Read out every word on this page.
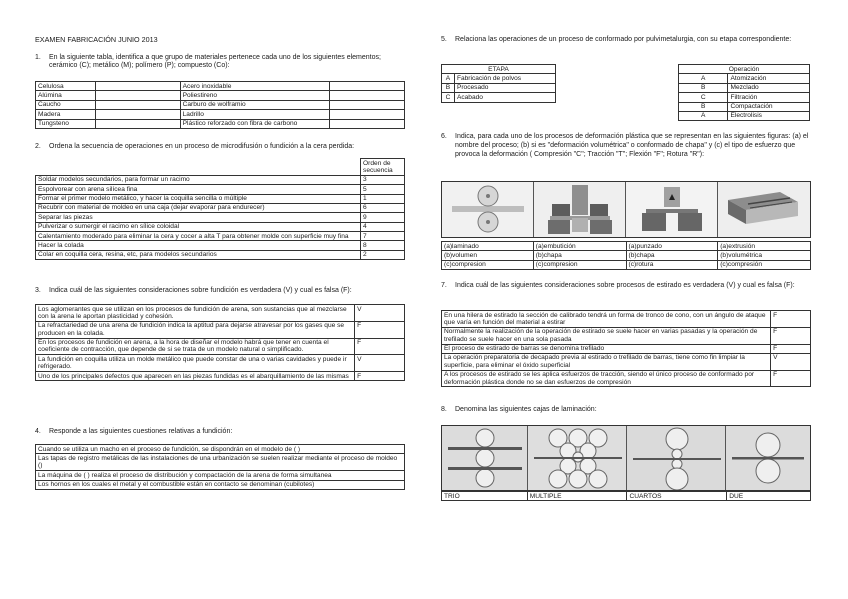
EXAMEN FABRICACIÓN JUNIO 2013
1. En la siguiente tabla, identifica a que grupo de materiales pertenece cada uno de los siguientes elementos; cerámico (C); metálico (M); polímero (P); compuesto (Co):
Celulosa		Acero inoxidable	
Alúmina		Poliestireno	
Caucho		Carburo de wolframio	
Madera		Ladrillo	
Tungsteno		Plástico reforzado con fibra de carbono	
2. Ordena la secuencia de operaciones en un proceso de microdifusión o fundición a la cera perdida:
	Orden de secuencia
Soldar modelos secundarios, para formar un racimo	3
Espolvorear con arena silícea fina	5
Formar el primer modelo metálico, y hacer la coquilla sencilla o múltiple	1
Recubrir con material de moldeo en una caja (dejar evaporar para endurecer)	6
Separar las piezas	9
Pulverizar o sumergir el racimo en sílice coloidal	4
Calentamiento moderado para eliminar la cera y cocer a alta T para obtener molde con superficie muy fina	7
Hacer la colada	8
Colar en coquilla cera, resina, etc, para modelos secundarios	2
3. Indica cuál de las siguientes consideraciones sobre fundición es verdadera (V) y cual es falsa (F):
Los aglomerantes que se utilizan en los procesos de fundición de arena, son sustancias que al mezclarse con la arena le aportan plasticidad y cohesión.	V
La refractariedad de una arena de fundición indica la aptitud para dejarse atravesar por los gases que se producen en la colada.	F
En los procesos de fundición en arena, a la hora de diseñar el modelo habrá que tener en cuenta el coeficiente de contracción, que depende de si se trata de un modelo natural o simplificado.	F
La fundición en coquilla utiliza un molde metálico que puede constar de una o varias cavidades y puede ir refrigerado.	V
Uno de los principales defectos que aparecen en las piezas fundidas es el abarquillamiento de las mismas	F
4. Responde a las siguientes cuestiones relativas a fundición:
Cuando se utiliza un macho en el proceso de fundición, se dispondrán en el modelo de ( )
Las tapas de registro metálicas de las instalaciones de una urbanización se suelen realizar mediante el proceso de moldeo ()
La máquina de ( ) realiza el proceso de distribución y compactación de la arena de forma simultanea
Los hornos en los cuales el metal y el combustible están en contacto se denominan (cubilotes)
5. Relaciona las operaciones de un proceso de conformado por pulvimetalurgia, con su etapa correspondiente:
ETAPA	
A	Fabricación de polvos
B	Procesado
C	Acabado
Operación	
A	Atomización
B	Mezclado
C	Filtración
B	Compactación
A	Electrolisis
6. Indica, para cada uno de los procesos de deformación plástica que se representan en las siguientes figuras: (a) el nombre del proceso; (b) si es "deformación volumétrica" o conformado de chapa" y (c) el tipo de esfuerzo que provoca la deformación ( Compresión "C"; Tracción "T"; Flexión "F"; Rotura "R"):
(a)laminado	(a)embutición	(a)punzado	(a)extrusión
(b)volumen	(b)chapa	(b)chapa	(b)volumétrica
(c)compresion	(c)compresion	(c)rotura	(c)compresión
7. Indica cuál de las siguientes consideraciones sobre procesos de estirado es verdadera (V) y cual es falsa (F):
En una hilera de estirado la sección de calibrado tendrá un forma de tronco de cono, con un ángulo de ataque que varía en función del material a estirar	F
Normalmente la realización de la operación de estirado se suele hacer en varias pasadas y la operación de trefilado se suele hacer en una sola pasada	F
El proceso de estirado de barras se denomina trefilado	F
La operación preparatoria de decapado previa al estirado o trefilado de barras, tiene como fin limpiar la superficie, para eliminar el óxido superficial	V
A los procesos de estirado se les aplica esfuerzos de tracción, siendo el único proceso de conformado por deformación plástica donde no se dan esfuerzos de compresión	F
8. Denomina las siguientes cajas de laminación:
TRIO	MULTIPLE	CUARTOS	DUE
